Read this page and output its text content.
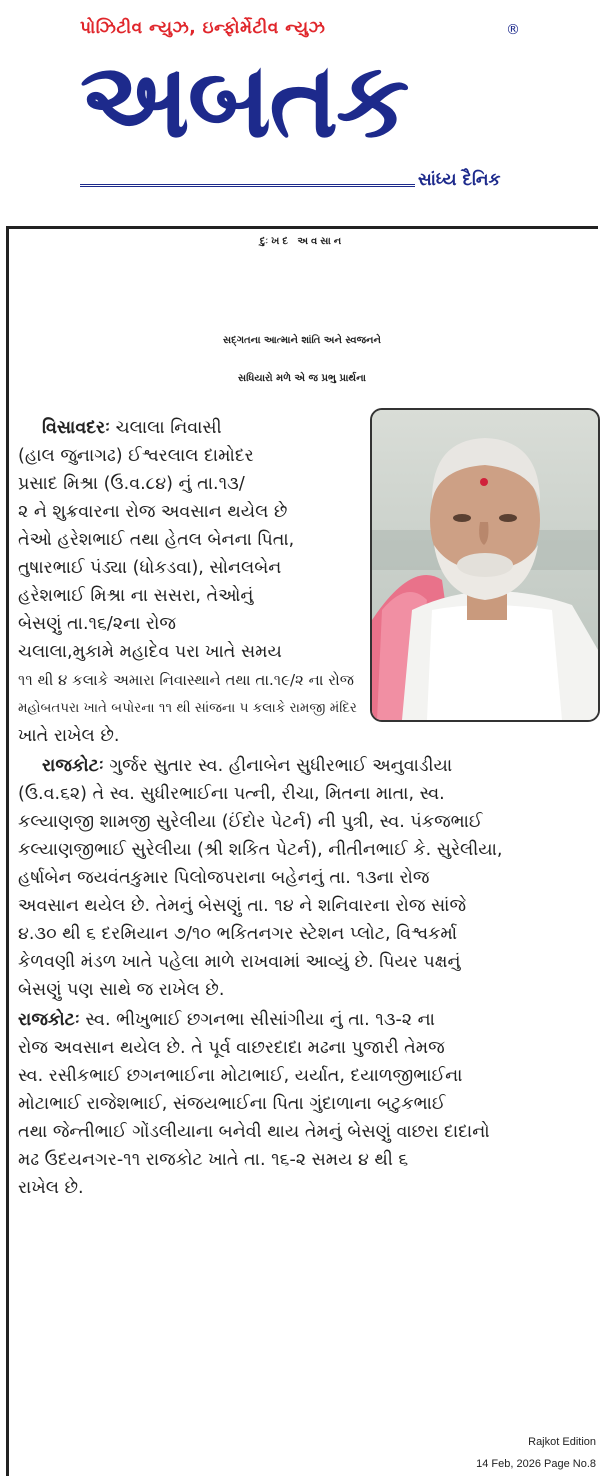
પોઝિટીવ ન્યુઝ, ઇન્ફોર્મેટીવ ન્યુઝ	®
અબતક
સાંધ્ય દૈનિક
દુઃખદ અવસાન
સદ્ગતના આત્માને શાંતિ અને સ્વજનને
સધિયારો મળે એ જ પ્રભુ પ્રાર્થના
વિસાવદરઃ ચલાલા નિવાસી
(હાલ જુનાગઢ) ઈશ્વરલાલ દામોદર
પ્રસાદ મિશ્રા (ઉ.વ.૮૪) નું તા.૧૩/
૨ ને શુક્રવારના રોજ અવસાન થયેલ છે
તેઓ હરેશભાઈ તથા હેતલ બેનના પિતા,
તુષારભાઈ પંડ્યા (ધોકડવા), સોનલબેન
હરેશભાઈ મિશ્રા ના સસરા, તેઓનું
બેસણું તા.૧૬/૨ના રોજ
ચલાલા,મુકામે મહાદેવ પરા ખાતે સમય
૧૧ થી ૪ કલાકે અમારા નિવાસ્થાને તથા તા.૧૯/૨ ના રોજ
મહોબતપરા ખાતે બપોરના ૧૧ થી સાંજના ૫ કલાકે રામજી મંદિર
ખાતે રાખેલ છે.
રાજકોટઃ ગુર્જર સુતાર સ્વ. હીનાબેન સુધીરભાઈ અનુવાડીયા
(ઉ.વ.૬૨) તે સ્વ. સુધીરભાઈના પત્ની, રીચા, મિતના માતા, સ્વ.
કલ્યાણજી શામજી સુરેલીયા (ઈંદોર પેટર્ન) ની પુત્રી, સ્વ. પંકજભાઈ
કલ્યાણજીભાઈ સુરેલીયા (શ્રી શકિત પેટર્ન), નીતીનભાઈ કે. સુરેલીયા,
હર્ષાબેન જયવંતકુમાર પિલોજપરાના બહેનનું તા. ૧૩ના રોજ
અવસાન થયેલ છે. તેમનું બેસણું તા. ૧૪ ને શનિવારના રોજ સાંજે
૪.૩૦ થી ૬ દરમિયાન ૭/૧૦ ભકિતનગર સ્ટેશન પ્લોટ, વિશ્વકર્મા
કેળવણી મંડળ ખાતે પહેલા માળે રાખવામાં આવ્યું છે. પિયર પક્ષનું
બેસણું પણ સાથે જ રાખેલ છે.
રાજકોટઃ સ્વ. ભીખુભાઈ છગનભા સીસાંગીયા નું તા. ૧૩-૨ ના
રોજ અવસાન થયેલ છે. તે પૂર્વ વાછરદાદા મઢના પુજારી તેમજ
સ્વ. રસીકભાઈ છગનભાઈના મોટાભાઈ, યર્યાત, દયાળજીભાઈના
મોટાભાઈ રાજેશભાઈ, સંજયભાઈના પિતા ગુંદાળાના બટુકભાઈ
તથા જેન્તીભાઈ ગોંડલીયાના બનેવી થાય તેમનું બેસણું વાછરા દાદાનો
મઢ ઉદયનગર-૧૧ રાજકોટ ખાતે તા. ૧૬-૨ સમય ૪ થી ૬
રાખેલ છે.
Rajkot Edition
14 Feb, 2026 Page No.8
